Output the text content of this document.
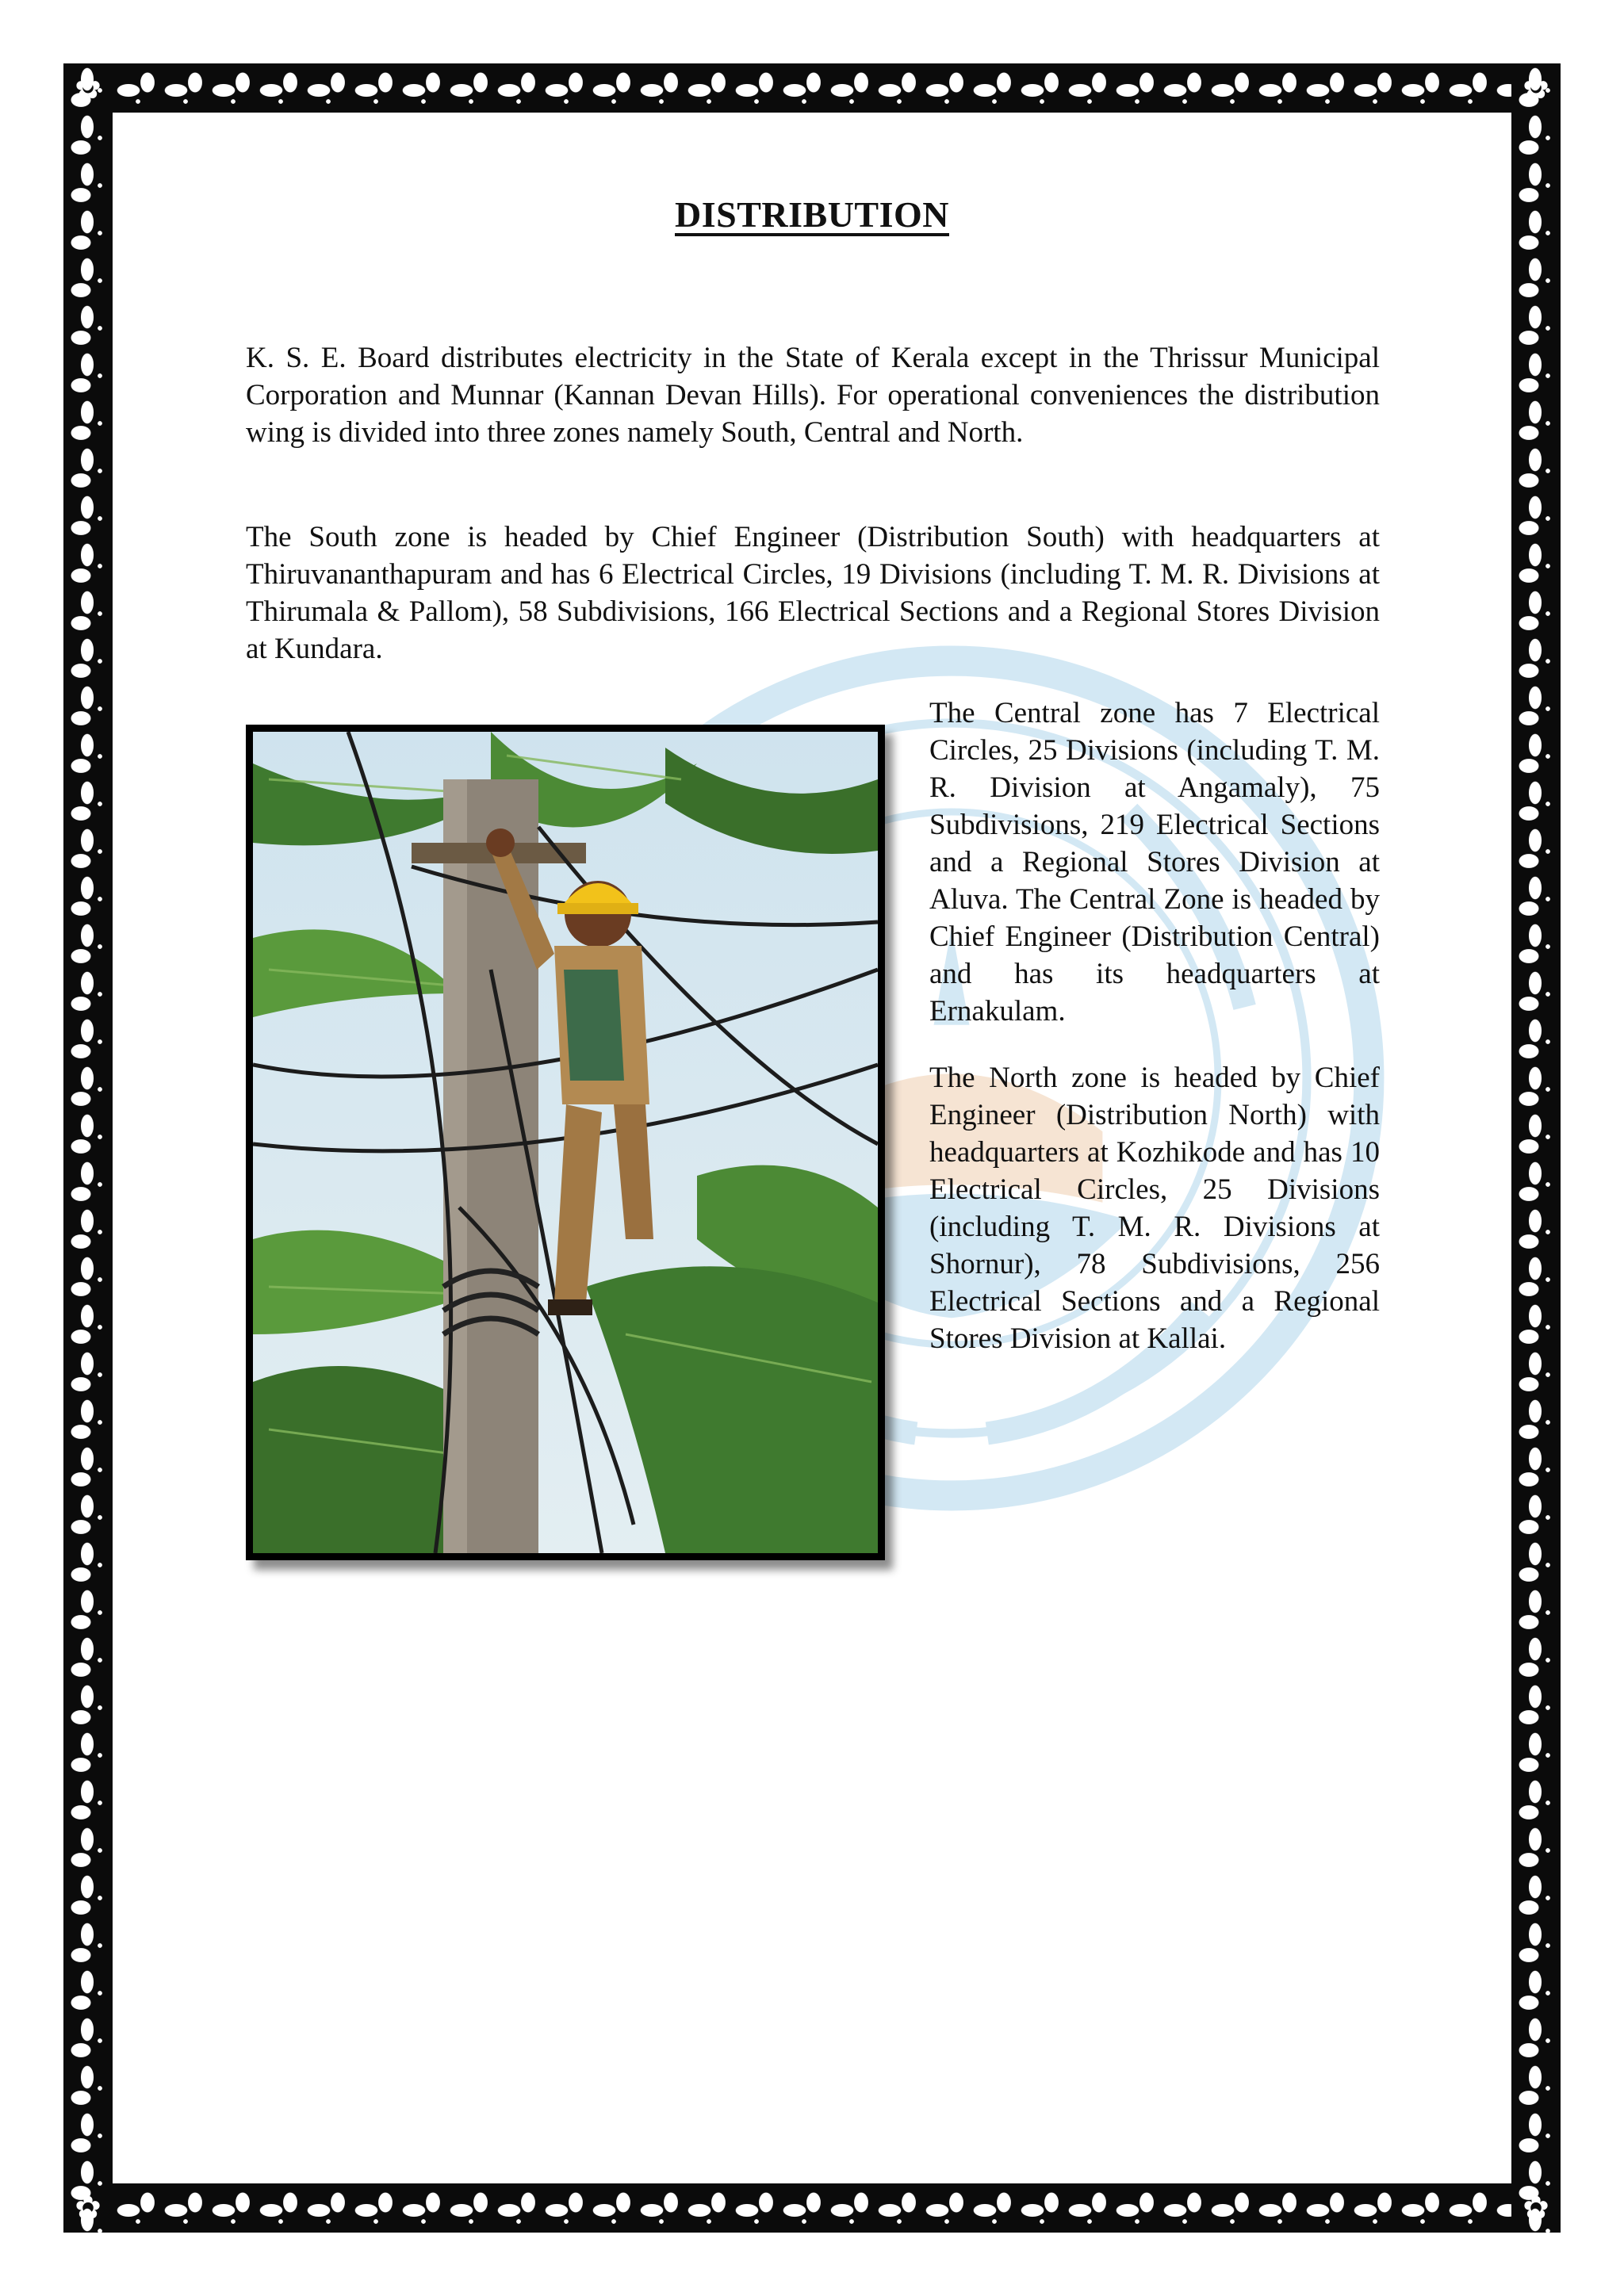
✿	✿
✿	✿
DISTRIBUTION

K. S. E. Board distributes electricity in the State of Kerala except in the Thrissur Municipal Corporation and Munnar (Kannan Devan Hills). For operational conveniences the distribution wing is divided into three zones namely South, Central and North.

The South zone is headed by Chief Engineer (Distribution South) with headquarters at Thiruvananthapuram and has 6 Electrical Circles, 19 Divisions (including T. M. R. Divisions at Thirumala & Pallom), 58 Subdivisions, 166 Electrical Sections and a Regional Stores Division at Kundara.

The Central zone has 7 Electrical Circles, 25 Divisions (including T. M. R. Division at Angamaly), 75 Subdivisions, 219 Electrical Sections and a Regional Stores Division at Aluva. The Central Zone is headed by Chief Engineer (Distribution Central) and has its headquarters at Ernakulam.

The North zone is headed by Chief Engineer (Distribution North) with headquarters at Kozhikode and has 10 Electrical Circles, 25 Divisions (including T. M. R. Divisions at Shornur), 78 Subdivisions, 256 Electrical Sections and a Regional Stores Division at Kallai.
